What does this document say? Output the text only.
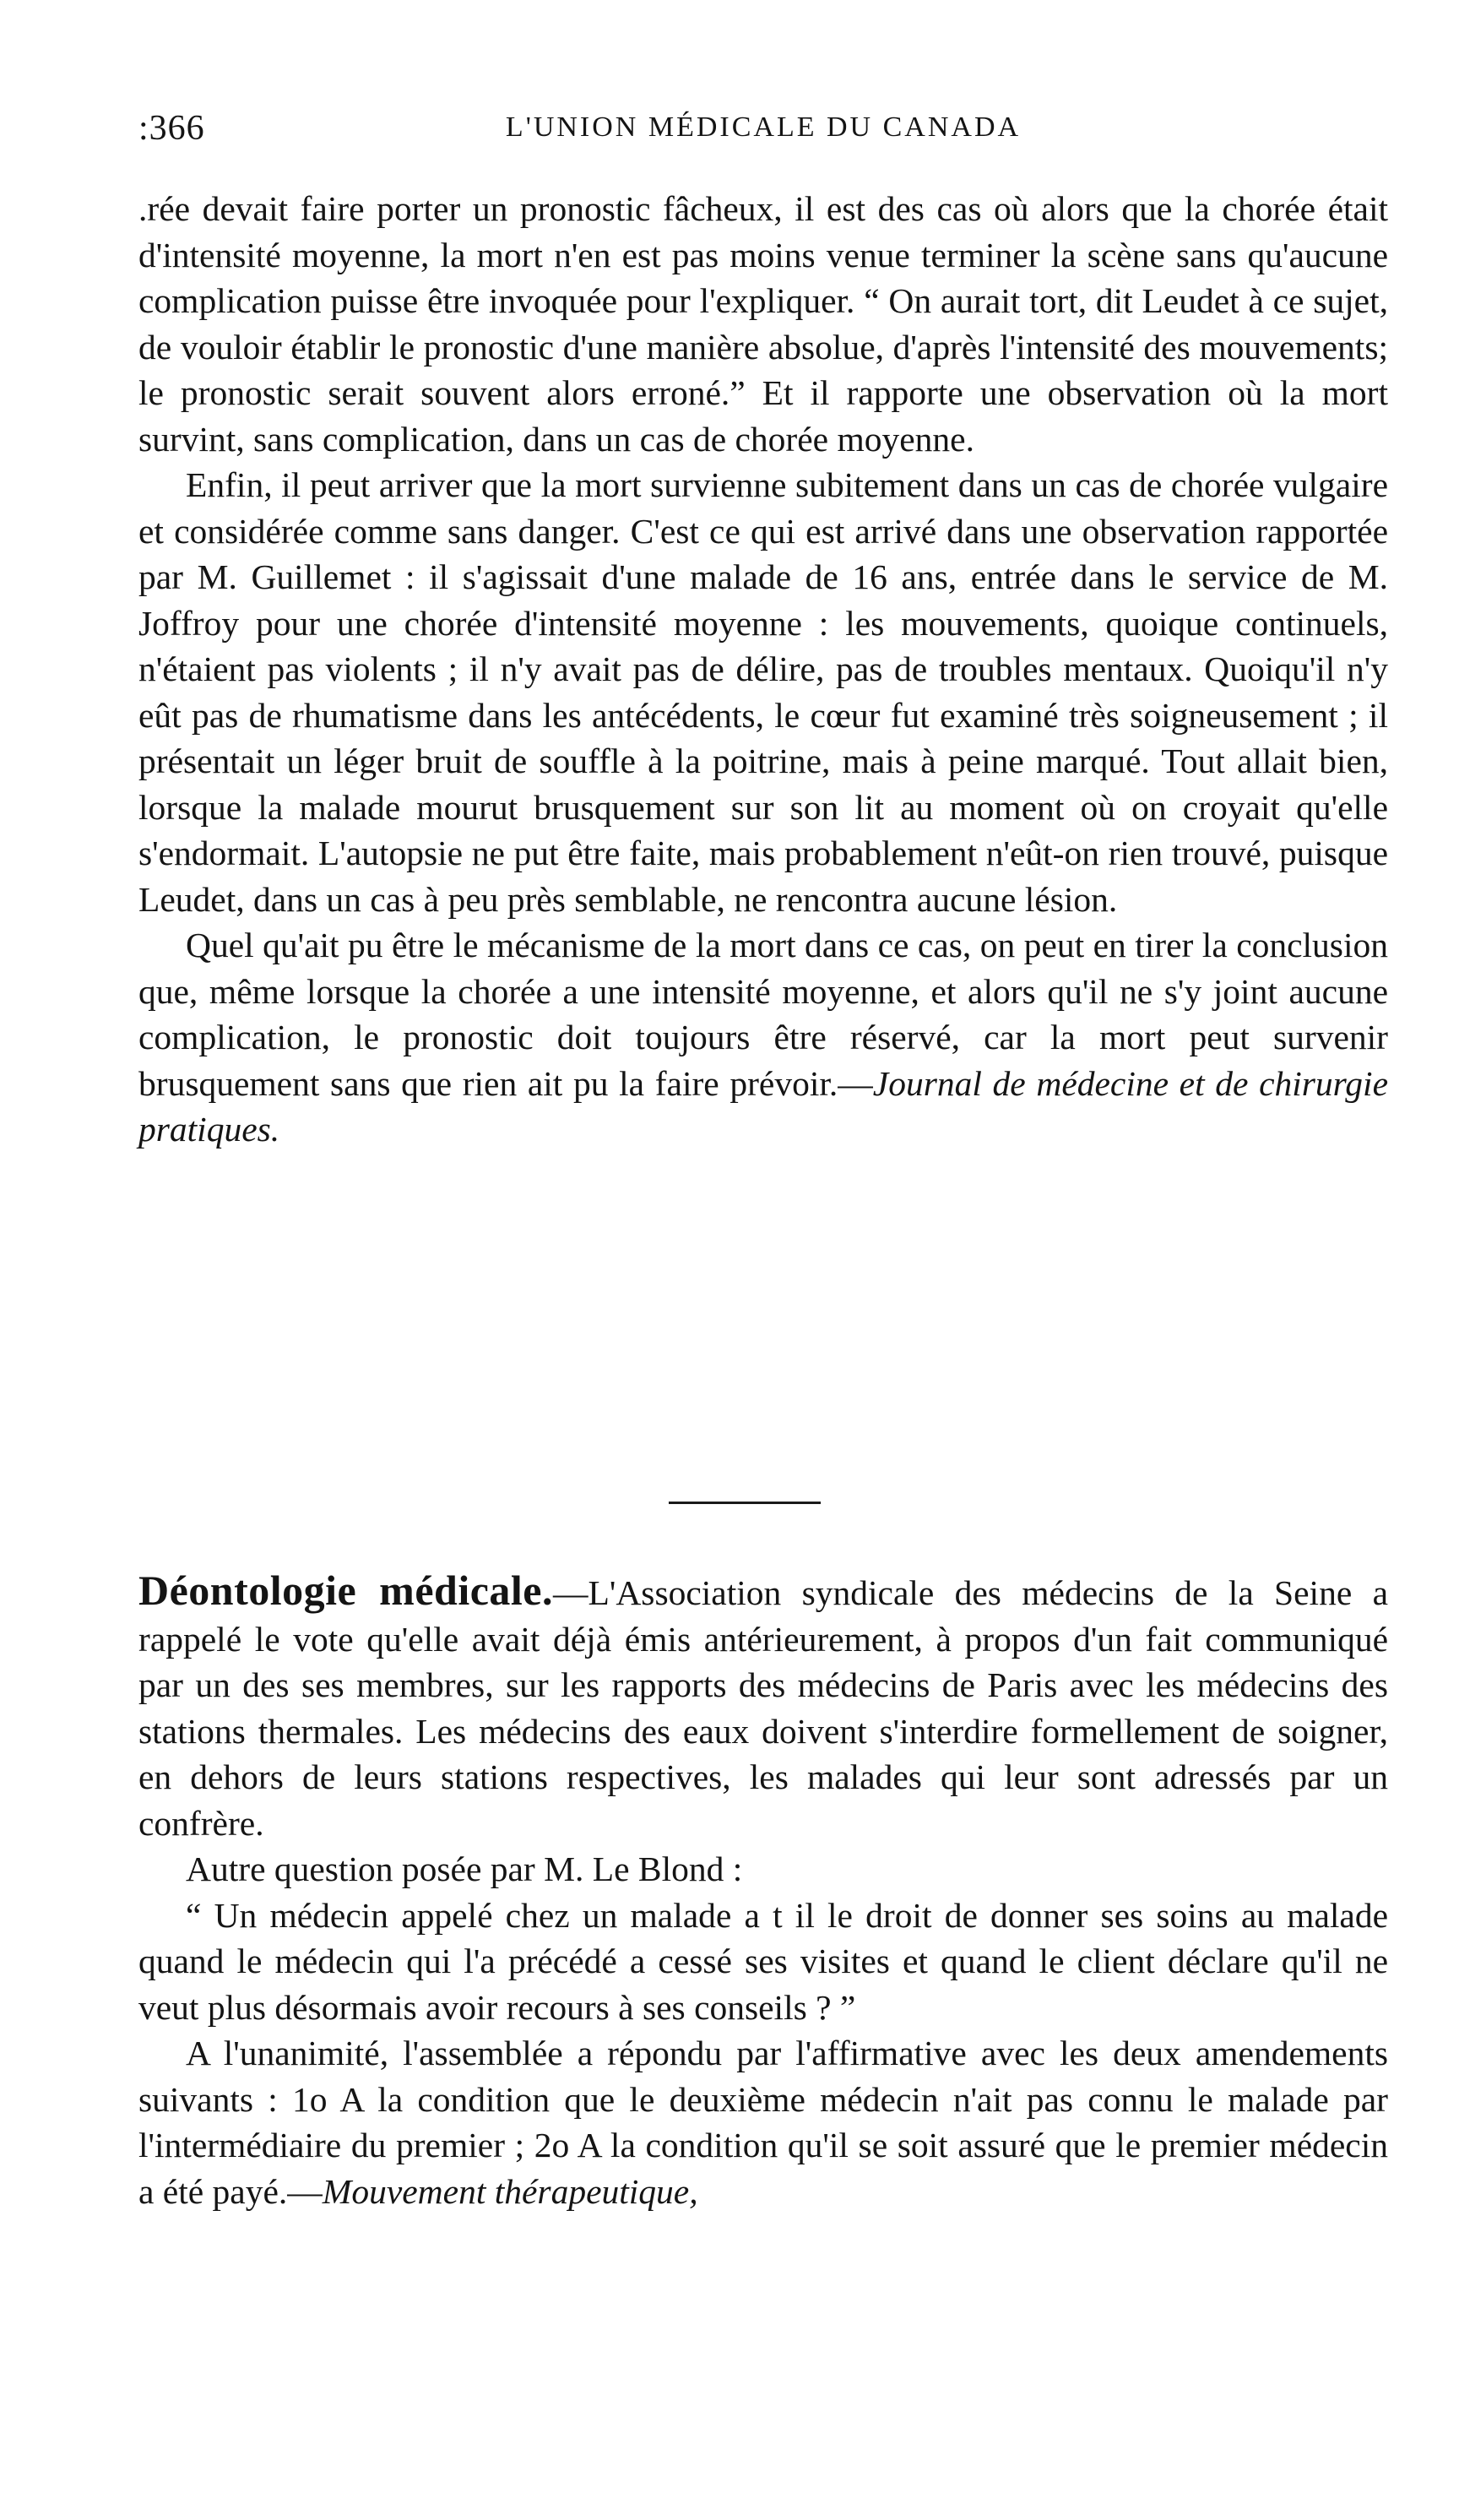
:366	L'UNION MÉDICALE DU CANADA

.rée devait faire porter un pronostic fâcheux, il est des cas où alors que la chorée était d'intensité moyenne, la mort n'en est pas moins venue terminer la scène sans qu'aucune complication puisse être invoquée pour l'expliquer. “ On aurait tort, dit Leudet à ce sujet, de vouloir établir le pronostic d'une manière absolue, d'après l'intensité des mouvements; le pronostic serait souvent alors erroné.” Et il rapporte une observation où la mort survint, sans complication, dans un cas de chorée moyenne.

Enfin, il peut arriver que la mort survienne subitement dans un cas de chorée vulgaire et considérée comme sans danger. C'est ce qui est arrivé dans une observation rapportée par M. Guillemet : il s'agissait d'une malade de 16 ans, entrée dans le service de M. Joffroy pour une chorée d'intensité moyenne : les mouvements, quoique continuels, n'étaient pas violents ; il n'y avait pas de délire, pas de troubles mentaux. Quoiqu'il n'y eût pas de rhumatisme dans les antécédents, le cœur fut examiné très soigneusement ; il présentait un léger bruit de souffle à la poitrine, mais à peine marqué. Tout allait bien, lorsque la malade mourut brusquement sur son lit au moment où on croyait qu'elle s'endormait. L'autopsie ne put être faite, mais probablement n'eût-on rien trouvé, puisque Leudet, dans un cas à peu près semblable, ne rencontra aucune lésion.

Quel qu'ait pu être le mécanisme de la mort dans ce cas, on peut en tirer la conclusion que, même lorsque la chorée a une intensité moyenne, et alors qu'il ne s'y joint aucune complication, le pronostic doit toujours être réservé, car la mort peut survenir brusquement sans que rien ait pu la faire prévoir.—Journal de médecine et de chirurgie pratiques.

Déontologie médicale.—L'Association syndicale des médecins de la Seine a rappelé le vote qu'elle avait déjà émis antérieurement, à propos d'un fait communiqué par un des ses membres, sur les rapports des médecins de Paris avec les médecins des stations thermales. Les médecins des eaux doivent s'interdire formellement de soigner, en dehors de leurs stations respectives, les malades qui leur sont adressés par un confrère.

Autre question posée par M. Le Blond :

“ Un médecin appelé chez un malade a t il le droit de donner ses soins au malade quand le médecin qui l'a précédé a cessé ses visites et quand le client déclare qu'il ne veut plus désormais avoir recours à ses conseils ? ”

A l'unanimité, l'assemblée a répondu par l'affirmative avec les deux amendements suivants : 1o A la condition que le deuxième médecin n'ait pas connu le malade par l'intermédiaire du premier ; 2o A la condition qu'il se soit assuré que le premier médecin a été payé.—Mouvement thérapeutique,
